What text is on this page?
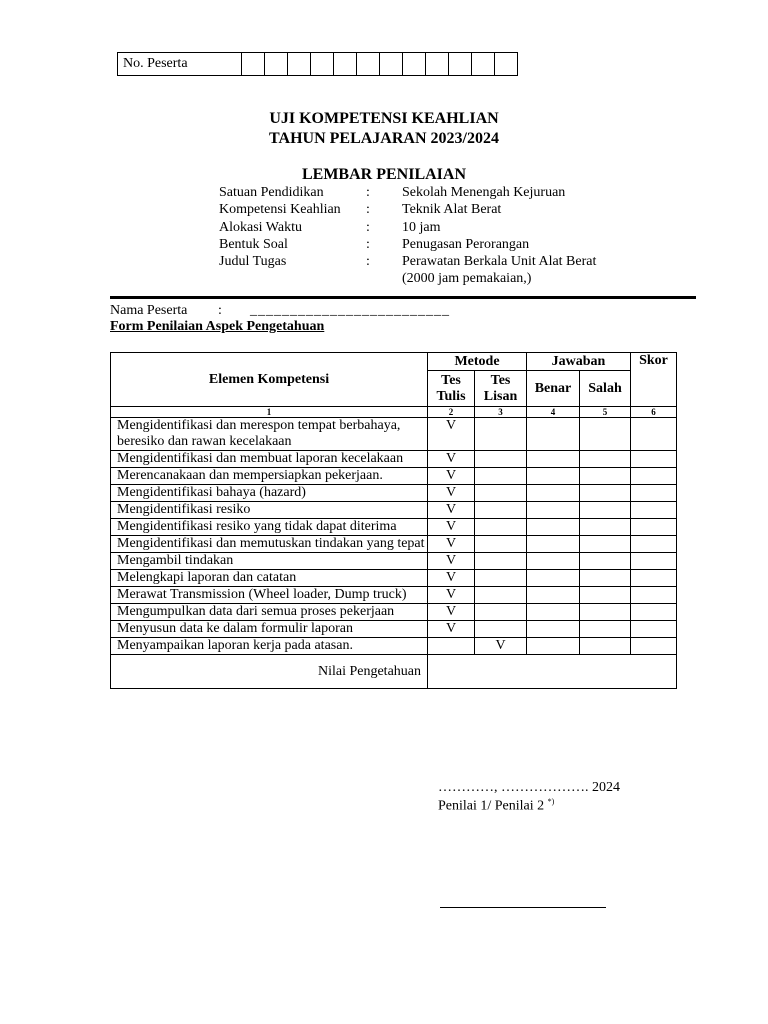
No. Peserta												
UJI KOMPETENSI KEAHLIAN
TAHUN PELAJARAN 2023/2024
LEMBAR PENILAIAN
Satuan Pendidikan	:	Sekolah Menengah Kejuruan
Kompetensi Keahlian	:	Teknik Alat Berat
Alokasi Waktu	:	10 jam
Bentuk Soal	:	Penugasan Perorangan
Judul Tugas	:	Perawatan Berkala Unit Alat Berat
(2000 jam pemakaian,)
Nama Peserta : _________________________
Form Penilaian Aspek Pengetahuan
Elemen Kompetensi	Metode		Jawaban		Skor
	Tes Tulis	Tes Lisan	Benar	Salah	
1	2	3	4	5	6
Mengidentifikasi dan merespon tempat berbahaya, beresiko dan rawan kecelakaan	V				
Mengidentifikasi dan membuat laporan kecelakaan	V				
Merencanakaan dan mempersiapkan pekerjaan.	V				
Mengidentifikasi bahaya (hazard)	V				
Mengidentifikasi resiko	V				
Mengidentifikasi resiko yang tidak dapat diterima	V				
Mengidentifikasi dan memutuskan tindakan yang tepat	V				
Mengambil tindakan	V				
Melengkapi laporan dan catatan	V				
Merawat Transmission (Wheel loader, Dump truck)	V				
Mengumpulkan data dari semua proses pekerjaan	V				
Menyusun data ke dalam formulir laporan	V				
Menyampaikan laporan kerja pada atasan.		V			
Nilai Pengetahuan					
…………, ………………. 2024
Penilai 1/ Penilai 2 *)
